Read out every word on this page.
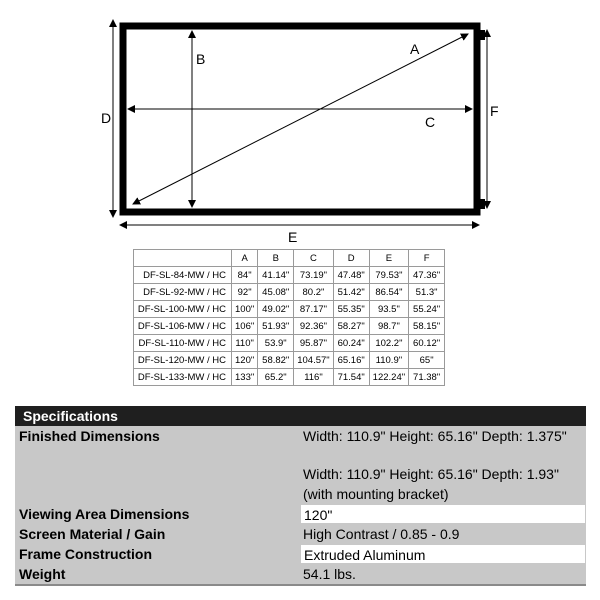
A
B
C
D	F
E
	A	B	C	D	E	F
DF-SL-84-MW / HC	84"	41.14"	73.19"	47.48"	79.53"	47.36"
DF-SL-92-MW / HC	92"	45.08"	80.2"	51.42"	86.54"	51.3"
DF-SL-100-MW / HC	100"	49.02"	87.17"	55.35"	93.5"	55.24"
DF-SL-106-MW / HC	106"	51.93"	92.36"	58.27"	98.7"	58.15"
DF-SL-110-MW / HC	110"	53.9"	95.87"	60.24"	102.2"	60.12"
DF-SL-120-MW / HC	120"	58.82"	104.57"	65.16"	110.9"	65"
DF-SL-133-MW / HC	133"	65.2"	116"	71.54"	122.24"	71.38"
Specifications
Finished Dimensions	Width: 110.9" Height: 65.16" Depth: 1.375"
Width: 110.9" Height: 65.16" Depth: 1.93"
(with mounting bracket)
Viewing Area Dimensions	120"
Screen Material / Gain	High Contrast / 0.85 - 0.9
Frame Construction	Extruded Aluminum
Weight	54.1 lbs.
